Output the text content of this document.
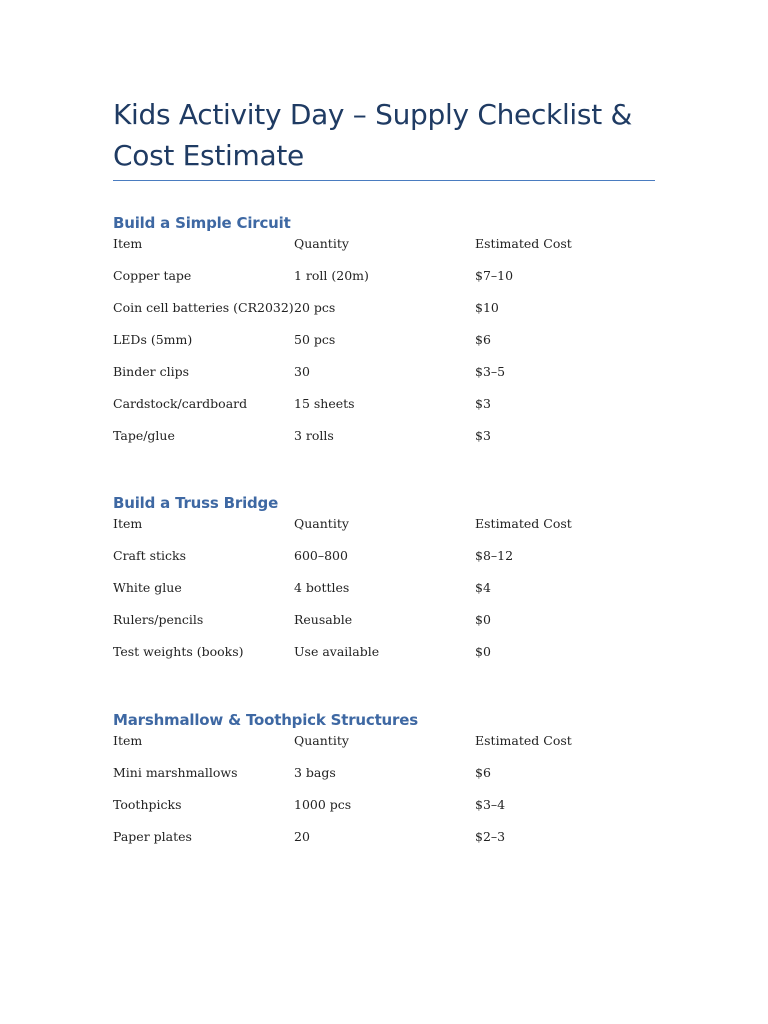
Kids Activity Day – Supply Checklist & Cost Estimate
Build a Simple Circuit
Item	Quantity	Estimated Cost
Copper tape	1 roll (20m)	$7–10
Coin cell batteries (CR2032) 20 pcs	$10
LEDs (5mm)	50 pcs	$6
Binder clips	30	$3–5
Cardstock/cardboard	15 sheets	$3
Tape/glue	3 rolls	$3
Build a Truss Bridge
Item	Quantity	Estimated Cost
Craft sticks	600–800	$8–12
White glue	4 bottles	$4
Rulers/pencils	Reusable	$0
Test weights (books)	Use available	$0
Marshmallow & Toothpick Structures
Item	Quantity	Estimated Cost
Mini marshmallows	3 bags	$6
Toothpicks	1000 pcs	$3–4
Paper plates	20	$2–3
